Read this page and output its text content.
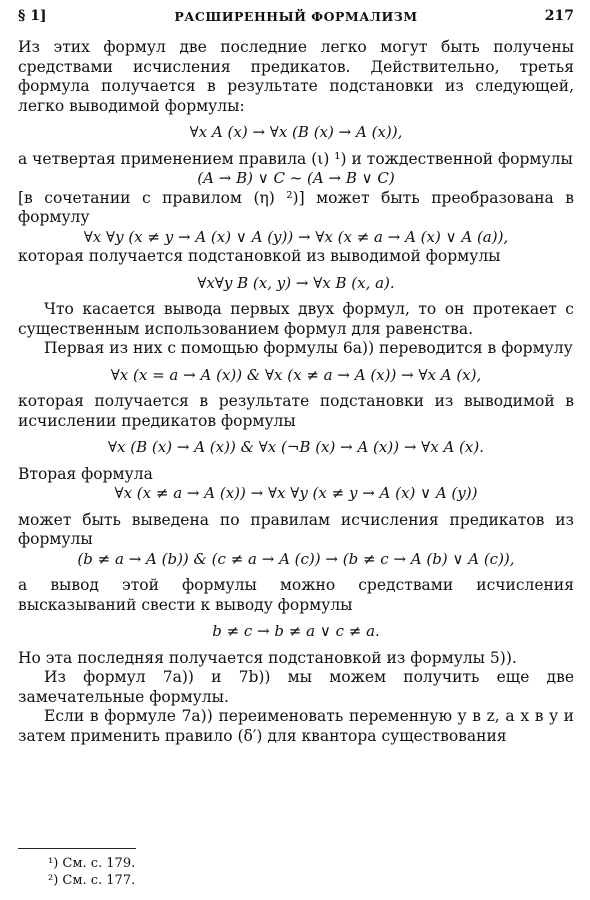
§ 1]	РАСШИРЕННЫЙ ФОРМАЛИЗМ	217

Из этих формул две последние легко могут быть получены средствами исчисления предикатов. Действительно, третья формула получается в результате подстановки из следующей, легко выводимой формулы:

∀x A (x) → ∀x (B (x) → A (x)),

а четвертая применением правила (ι) ¹) и тождественной формулы

(A → B) ∨ C ~ (A → B ∨ C)

[в сочетании с правилом (η) ²)] может быть преобразована в формулу

∀x ∀y (x ≠ y → A (x) ∨ A (y)) → ∀x (x ≠ a → A (x) ∨ A (a)),

которая получается подстановкой из выводимой формулы

∀x∀y B (x, y) → ∀x B (x, a).

Что касается вывода первых двух формул, то он протекает с существенным использованием формул для равенства.

Первая из них с помощью формулы 6a)) переводится в формулу

∀x (x = a → A (x)) & ∀x (x ≠ a → A (x)) → ∀x A (x),

которая получается в результате подстановки из выводимой в исчислении предикатов формулы

∀x (B (x) → A (x)) & ∀x (¬B (x) → A (x)) → ∀x A (x).

Вторая формула

∀x (x ≠ a → A (x)) → ∀x ∀y (x ≠ y → A (x) ∨ A (y))

может быть выведена по правилам исчисления предикатов из формулы

(b ≠ a → A (b)) & (c ≠ a → A (c)) → (b ≠ c → A (b) ∨ A (c)),

а вывод этой формулы можно средствами исчисления высказываний свести к выводу формулы

b ≠ c → b ≠ a ∨ c ≠ a.

Но эта последняя получается подстановкой из формулы 5)).

Из формул 7a)) и 7b)) мы можем получить еще две замечательные формулы.

Если в формуле 7a)) переименовать переменную y в z, а x в y и затем применить правило (δ′) для квантора существования

¹) См. с. 179.
²) См. с. 177.
